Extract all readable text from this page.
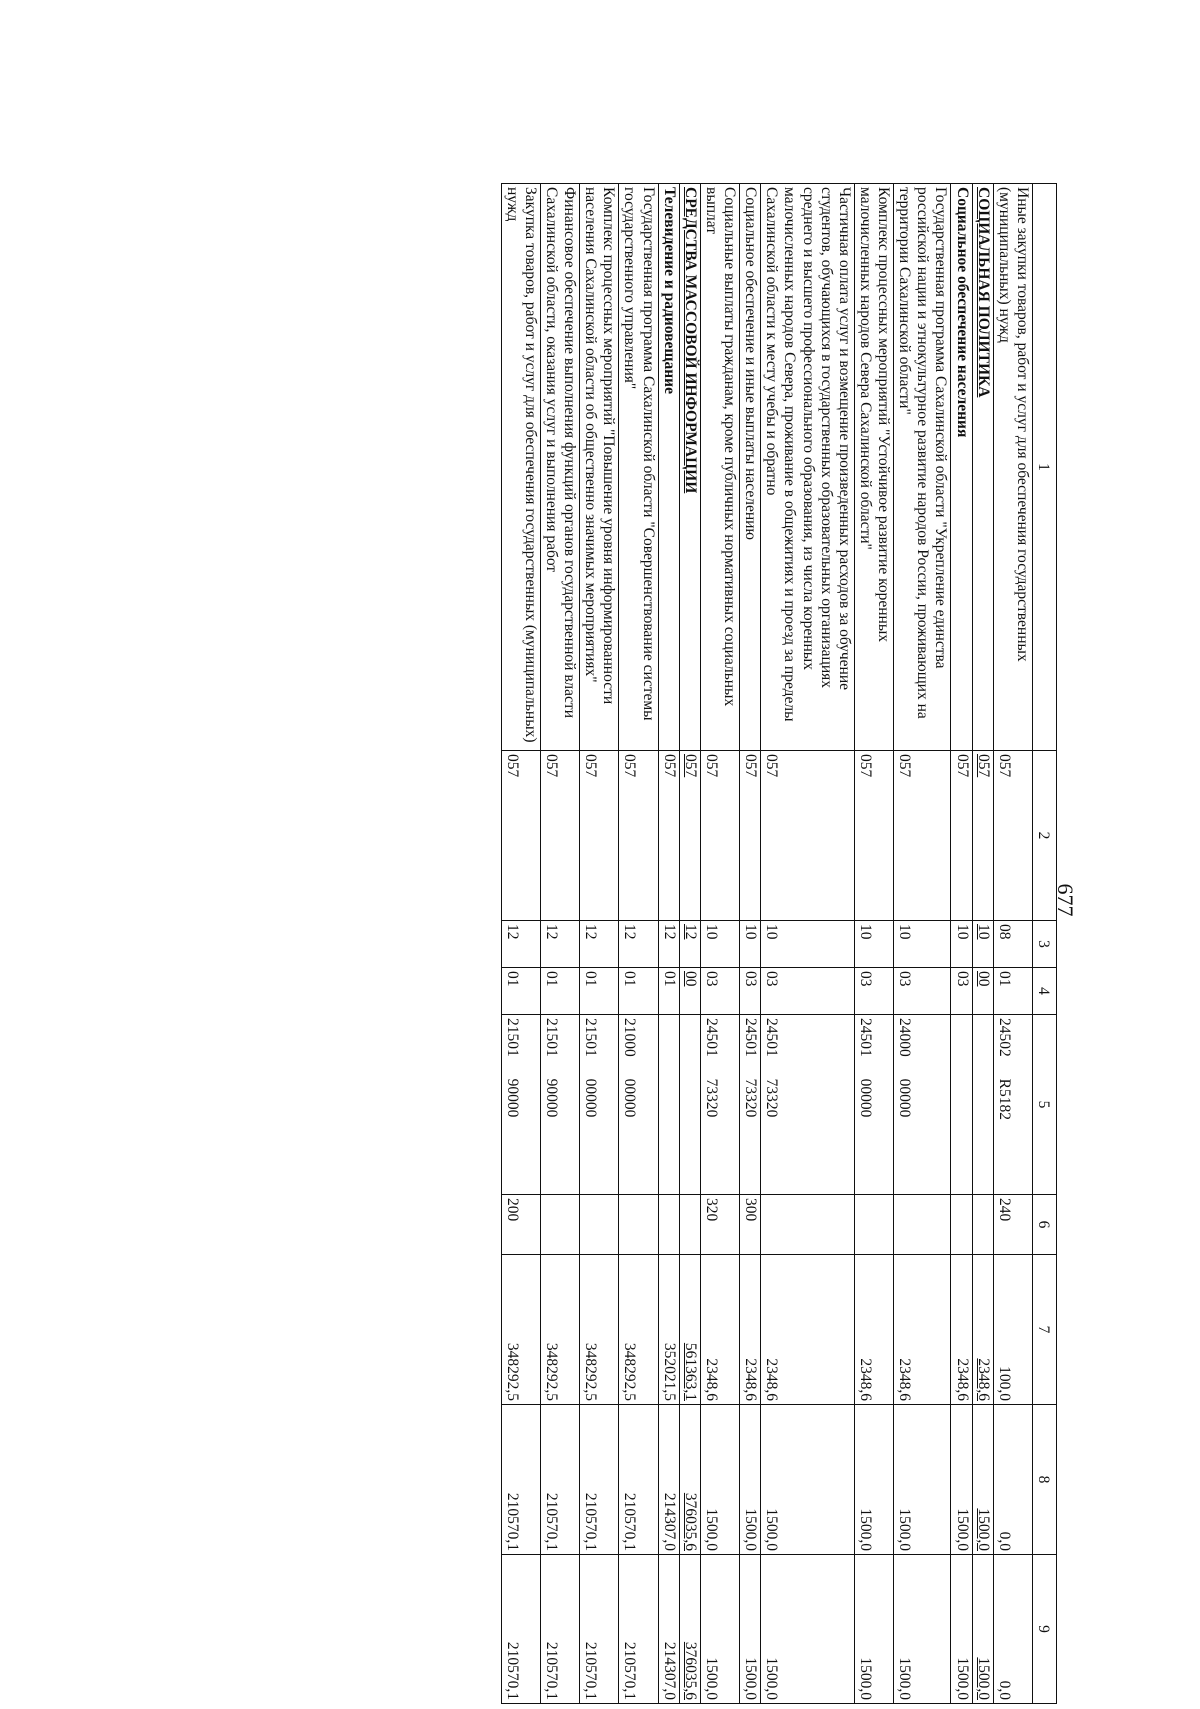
677
1	2	3	4	5	6	7	8	9
Иные закупки товаров, работ и услуг для обеспечения государственных (муниципальных) нужд	057	08	01	24502 R5182	240	100,0	0,0	0,0
СОЦИАЛЬНАЯ ПОЛИТИКА	057	10	00			2348,6	1500,0	1500,0
Социальное обеспечение населения	057	10	03			2348,6	1500,0	1500,0
Государственная программа Сахалинской области "Укрепление единства российской нации и этнокультурное развитие народов России, проживающих на территории Сахалинской области"	057	10	03	24000 00000		2348,6	1500,0	1500,0
Комплекс процессных мероприятий "Устойчивое развитие коренных малочисленных народов Севера Сахалинской области"	057	10	03	24501 00000		2348,6	1500,0	1500,0
Частичная оплата услуг и возмещение произведенных расходов за обучение студентов, обучающихся в государственных образовательных организациях среднего и высшего профессионального образования, из числа коренных малочисленных народов Севера, проживание в общежитиях и проезд за пределы Сахалинской области к месту учебы и обратно	057	10	03	24501 73320		2348,6	1500,0	1500,0
Социальное обеспечение и иные выплаты населению	057	10	03	24501 73320	300	2348,6	1500,0	1500,0
Социальные выплаты гражданам, кроме публичных нормативных социальных выплат	057	10	03	24501 73320	320	2348,6	1500,0	1500,0
СРЕДСТВА МАССОВОЙ ИНФОРМАЦИИ	057	12	00			561363,1	376035,6	376035,6
Телевидение и радиовещание	057	12	01			352021,5	214307,0	214307,0
Государственная программа Сахалинской области "Совершенствование системы государственного управления"	057	12	01	21000 00000		348292,5	210570,1	210570,1
Комплекс процессных мероприятий "Повышение уровня информированности населения Сахалинской области об общественно значимых мероприятиях"	057	12	01	21501 00000		348292,5	210570,1	210570,1
Финансовое обеспечение выполнения функций органов государственной власти Сахалинской области, оказания услуг и выполнения работ	057	12	01	21501 90000		348292,5	210570,1	210570,1
Закупка товаров, работ и услуг для обеспечения государственных (муниципальных) нужд	057	12	01	21501 90000	200	348292,5	210570,1	210570,1
